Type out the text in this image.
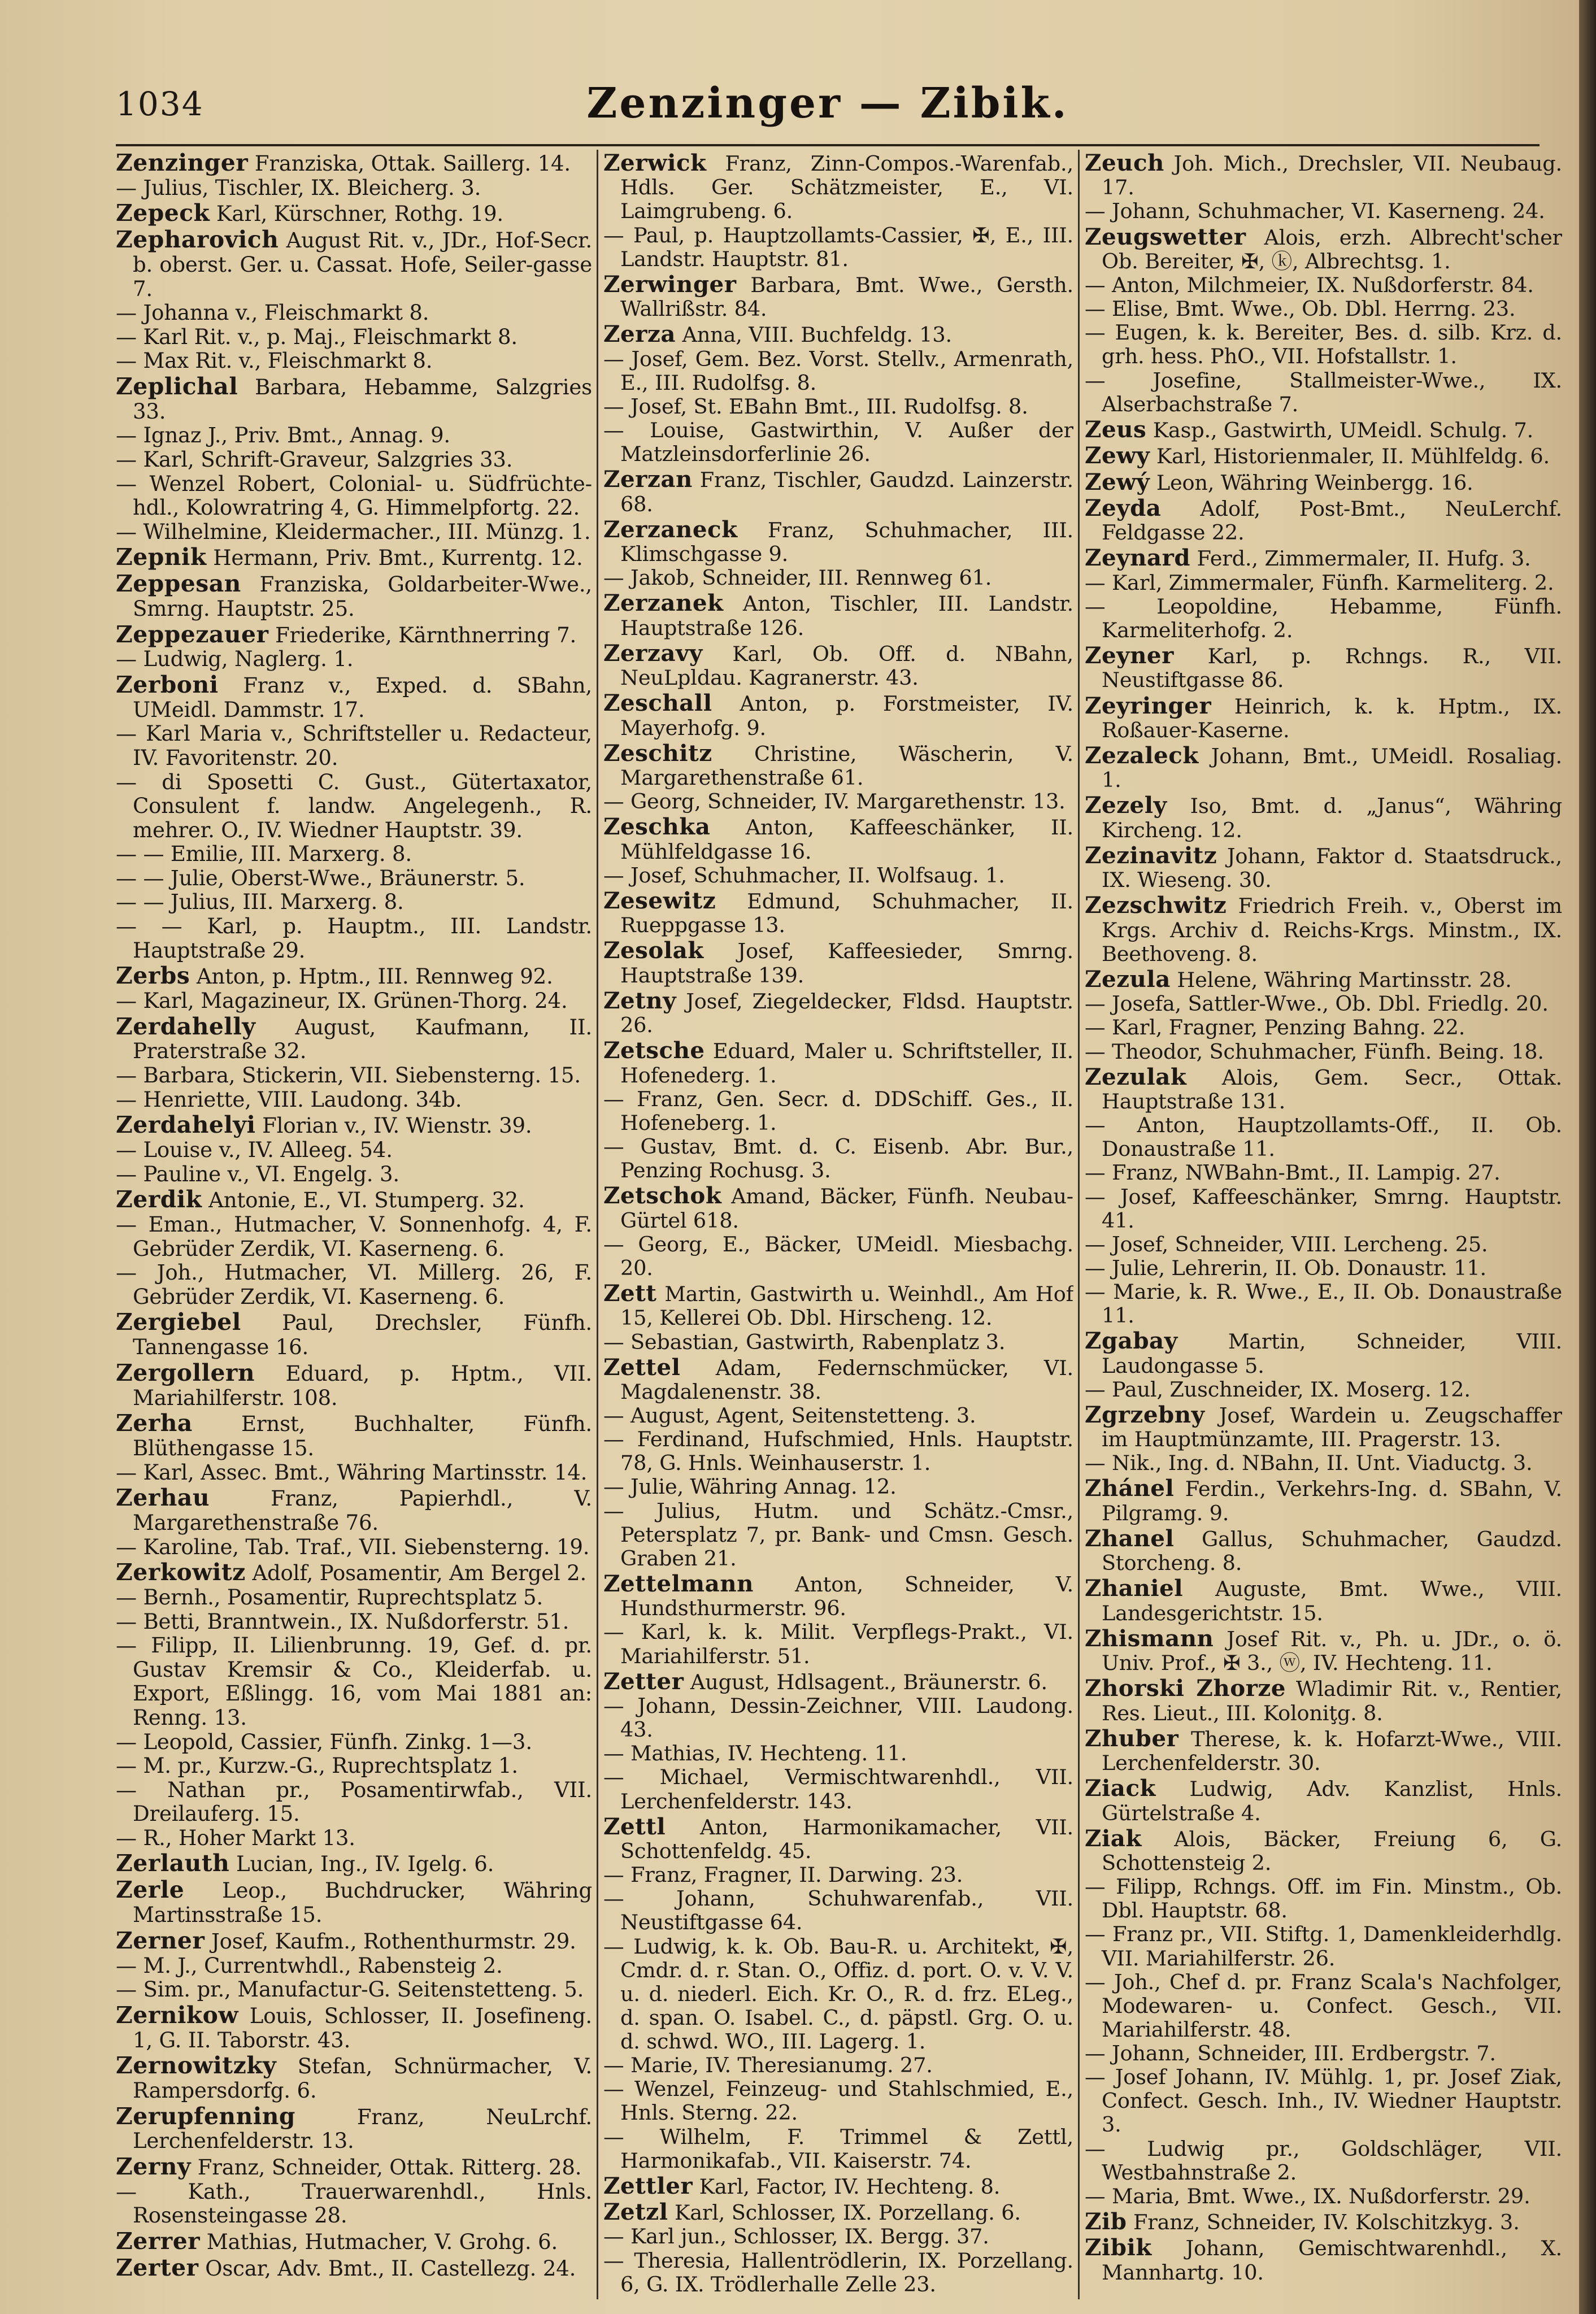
1034	Zenzinger — Zibik.

Zenzinger Franziska, Ottak. Saillerg. 14.

— Julius, Tischler, IX. Bleicherg. 3.

Zepeck Karl, Kürschner, Rothg. 19.

Zepharovich August Rit. v., JDr., Hof-Secr. b. oberst. Ger. u. Cassat. Hofe, Seiler-gasse 7.

— Johanna v., Fleischmarkt 8.

— Karl Rit. v., p. Maj., Fleischmarkt 8.

— Max Rit. v., Fleischmarkt 8.

Zeplichal Barbara, Hebamme, Salzgries 33.

— Ignaz J., Priv. Bmt., Annag. 9.

— Karl, Schrift-Graveur, Salzgries 33.

— Wenzel Robert, Colonial- u. Südfrüchte-hdl., Kolowratring 4, G. Himmelpfortg. 22.

— Wilhelmine, Kleidermacher., III. Münzg. 1.

Zepnik Hermann, Priv. Bmt., Kurrentg. 12.

Zeppesan Franziska, Goldarbeiter-Wwe., Smrng. Hauptstr. 25.

Zeppezauer Friederike, Kärnthnerring 7.

— Ludwig, Naglerg. 1.

Zerboni Franz v., Exped. d. SBahn, UMeidl. Dammstr. 17.

— Karl Maria v., Schriftsteller u. Redacteur, IV. Favoritenstr. 20.

— di Sposetti C. Gust., Gütertaxator, Consulent f. landw. Angelegenh., R. mehrer. O., IV. Wiedner Hauptstr. 39.

— — Emilie, III. Marxerg. 8.

— — Julie, Oberst-Wwe., Bräunerstr. 5.

— — Julius, III. Marxerg. 8.

— — Karl, p. Hauptm., III. Landstr. Hauptstraße 29.

Zerbs Anton, p. Hptm., III. Rennweg 92.

— Karl, Magazineur, IX. Grünen-Thorg. 24.

Zerdahelly August, Kaufmann, II. Praterstraße 32.

— Barbara, Stickerin, VII. Siebensterng. 15.

— Henriette, VIII. Laudong. 34b.

Zerdahelyi Florian v., IV. Wienstr. 39.

— Louise v., IV. Alleeg. 54.

— Pauline v., VI. Engelg. 3.

Zerdik Antonie, E., VI. Stumperg. 32.

— Eman., Hutmacher, V. Sonnenhofg. 4, F. Gebrüder Zerdik, VI. Kaserneng. 6.

— Joh., Hutmacher, VI. Millerg. 26, F. Gebrüder Zerdik, VI. Kaserneng. 6.

Zergiebel Paul, Drechsler, Fünfh. Tannengasse 16.

Zergollern Eduard, p. Hptm., VII. Mariahilferstr. 108.

Zerha Ernst, Buchhalter, Fünfh. Blüthengasse 15.

— Karl, Assec. Bmt., Währing Martinsstr. 14.

Zerhau	Franz, Papierhdl., V. Margarethenstraße 76.

— Karoline, Tab. Traf., VII. Siebensterng. 19.

Zerkowitz Adolf, Posamentir, Am Bergel 2.

— Bernh., Posamentir, Ruprechtsplatz 5.

— Betti, Branntwein., IX. Nußdorferstr. 51.

— Filipp, II. Lilienbrunng. 19, Gef. d. pr. Gustav Kremsir & Co., Kleiderfab. u. Export, Eßlingg. 16, vom Mai 1881 an: Renng. 13.

— Leopold, Cassier, Fünfh. Zinkg. 1—3.

— M. pr., Kurzw.-G., Ruprechtsplatz 1.

— Nathan pr., Posamentirwfab., VII. Dreilauferg. 15.

— R., Hoher Markt 13.

Zerlauth Lucian, Ing., IV. Igelg. 6.

Zerle Leop., Buchdrucker, Währing Martinsstraße 15.

Zerner Josef, Kaufm., Rothenthurmstr. 29.

— M. J., Currentwhdl., Rabensteig 2.

— Sim. pr., Manufactur-G. Seitenstetteng. 5.

Zernikow Louis, Schlosser, II. Josefineng. 1, G. II. Taborstr. 43.

Zernowitzky Stefan, Schnürmacher, V. Rampersdorfg. 6.

Zerupfenning	Franz, NeuLrchf. Lerchenfelderstr. 13.

Zerny Franz, Schneider, Ottak. Ritterg. 28.

— Kath., Trauerwarenhdl., Hnls. Rosensteingasse 28.

Zerrer Mathias, Hutmacher, V. Grohg. 6.

Zerter Oscar, Adv. Bmt., II. Castellezg. 24.

Zerwick Franz, Zinn-Compos.-Warenfab., Hdls. Ger. Schätzmeister, E., VI. Laimgrubeng. 6.

— Paul, p. Hauptzollamts-Cassier, ✠, E., III. Landstr. Hauptstr. 81.

Zerwinger Barbara, Bmt. Wwe., Gersth. Wallrißstr. 84.

Zerza Anna, VIII. Buchfeldg. 13.

— Josef, Gem. Bez. Vorst. Stellv., Armenrath, E., III. Rudolfsg. 8.

— Josef, St. EBahn Bmt., III. Rudolfsg. 8.

— Louise, Gastwirthin, V. Außer der Matzleinsdorferlinie 26.

Zerzan Franz, Tischler, Gaudzd. Lainzerstr. 68.

Zerzaneck Franz, Schuhmacher, III. Klimschgasse 9.

— Jakob, Schneider, III. Rennweg 61.

Zerzanek Anton, Tischler, III. Landstr. Hauptstraße 126.

Zerzavy Karl, Ob. Off. d. NBahn, NeuLpldau. Kagranerstr. 43.

Zeschall Anton, p. Forstmeister, IV. Mayerhofg. 9.

Zeschitz Christine, Wäscherin, V. Margarethenstraße 61.

— Georg, Schneider, IV. Margarethenstr. 13.

Zeschka Anton, Kaffeeschänker, II. Mühlfeldgasse 16.

— Josef, Schuhmacher, II. Wolfsaug. 1.

Zesewitz Edmund, Schuhmacher, II. Rueppgasse 13.

Zesolak Josef, Kaffeesieder, Smrng. Hauptstraße 139.

Zetny Josef, Ziegeldecker, Fldsd. Hauptstr. 26.

Zetsche Eduard, Maler u. Schriftsteller, II. Hofenederg. 1.

— Franz, Gen. Secr. d. DDSchiff. Ges., II. Hofeneberg. 1.

— Gustav, Bmt. d. C. Eisenb. Abr. Bur., Penzing Rochusg. 3.

Zetschok Amand, Bäcker, Fünfh. Neubau-Gürtel 618.

— Georg, E., Bäcker, UMeidl. Miesbachg. 20.

Zett Martin, Gastwirth u. Weinhdl., Am Hof 15, Kellerei Ob. Dbl. Hirscheng. 12.

— Sebastian, Gastwirth, Rabenplatz 3.

Zettel Adam, Federnschmücker, VI. Magdalenenstr. 38.

— August, Agent, Seitenstetteng. 3.

— Ferdinand, Hufschmied, Hnls. Hauptstr. 78, G. Hnls. Weinhauserstr. 1.

— Julie, Währing Annag. 12.

— Julius, Hutm. und Schätz.-Cmsr., Petersplatz 7, pr. Bank- und Cmsn. Gesch. Graben 21.

Zettelmann Anton, Schneider, V. Hundsthurmerstr. 96.

— Karl, k. k. Milit. Verpflegs-Prakt., VI. Mariahilferstr. 51.

Zetter August, Hdlsagent., Bräunerstr. 6.

— Johann, Dessin-Zeichner, VIII. Laudong. 43.

— Mathias, IV. Hechteng. 11.

— Michael, Vermischtwarenhdl., VII. Lerchenfelderstr. 143.

Zettl Anton, Harmonikamacher, VII. Schottenfeldg. 45.

— Franz, Fragner, II. Darwing. 23.

— Johann, Schuhwarenfab., VII. Neustiftgasse 64.

— Ludwig, k. k. Ob. Bau-R. u. Architekt, ✠, Cmdr. d. r. Stan. O., Offiz. d. port. O. v. V. V. u. d. niederl. Eich. Kr. O., R. d. frz. ELeg., d. span. O. Isabel. C., d. päpstl. Grg. O. u. d. schwd. WO., III. Lagerg. 1.

— Marie, IV. Theresianumg. 27.

— Wenzel, Feinzeug- und Stahlschmied, E., Hnls. Sterng. 22.

— Wilhelm, F. Trimmel & Zettl, Harmonikafab., VII. Kaiserstr. 74.

Zettler Karl, Factor, IV. Hechteng. 8.

Zetzl Karl, Schlosser, IX. Porzellang. 6.

— Karl jun., Schlosser, IX. Bergg. 37.

— Theresia, Hallentrödlerin, IX. Porzellang. 6, G. IX. Trödlerhalle Zelle 23.

Zeuch Joh. Mich., Drechsler, VII. Neubaug. 17.

— Johann, Schuhmacher, VI. Kaserneng. 24.

Zeugswetter Alois, erzh. Albrecht'scher Ob. Bereiter, ✠, ⓚ, Albrechtsg. 1.

— Anton, Milchmeier, IX. Nußdorferstr. 84.

— Elise, Bmt. Wwe., Ob. Dbl. Herrng. 23.

— Eugen, k. k. Bereiter, Bes. d. silb. Krz. d. grh. hess. PhO., VII. Hofstallstr. 1.

— Josefine, Stallmeister-Wwe., IX. Alserbachstraße 7.

Zeus Kasp., Gastwirth, UMeidl. Schulg. 7.

Zewy Karl, Historienmaler, II. Mühlfeldg. 6.

Zewý Leon, Währing Weinbergg. 16.

Zeyda Adolf, Post-Bmt., NeuLerchf. Feldgasse 22.

Zeynard Ferd., Zimmermaler, II. Hufg. 3.

— Karl, Zimmermaler, Fünfh. Karmeliterg. 2.

— Leopoldine, Hebamme, Fünfh. Karmeliterhofg. 2.

Zeyner Karl, p. Rchngs. R., VII. Neustiftgasse 86.

Zeyringer Heinrich, k. k. Hptm., IX. Roßauer-Kaserne.

Zezaleck Johann, Bmt., UMeidl. Rosaliag. 1.

Zezely Iso, Bmt. d. „Janus“, Währing Kircheng. 12.

Zezinavitz Johann, Faktor d. Staatsdruck., IX. Wieseng. 30.

Zezschwitz Friedrich Freih. v., Oberst im Krgs. Archiv d. Reichs-Krgs. Minstm., IX. Beethoveng. 8.

Zezula Helene, Währing Martinsstr. 28.

— Josefa, Sattler-Wwe., Ob. Dbl. Friedlg. 20.

— Karl, Fragner, Penzing Bahng. 22.

— Theodor, Schuhmacher, Fünfh. Being. 18.

Zezulak Alois, Gem. Secr., Ottak. Hauptstraße 131.

— Anton, Hauptzollamts-Off., II. Ob. Donaustraße 11.

— Franz, NWBahn-Bmt., II. Lampig. 27.

— Josef, Kaffeeschänker, Smrng. Hauptstr. 41.

— Josef, Schneider, VIII. Lercheng. 25.

— Julie, Lehrerin, II. Ob. Donaustr. 11.

— Marie, k. R. Wwe., E., II. Ob. Donaustraße 11.

Zgabay Martin, Schneider, VIII. Laudongasse 5.

— Paul, Zuschneider, IX. Moserg. 12.

Zgrzebny Josef, Wardein u. Zeugschaffer im Hauptmünzamte, III. Pragerstr. 13.

— Nik., Ing. d. NBahn, II. Unt. Viaductg. 3.

Zhánel Ferdin., Verkehrs-Ing. d. SBahn, V. Pilgramg. 9.

Zhanel Gallus, Schuhmacher, Gaudzd. Storcheng. 8.

Zhaniel Auguste, Bmt. Wwe., VIII. Landesgerichtstr. 15.

Zhismann Josef Rit. v., Ph. u. JDr., o. ö. Univ. Prof., ✠ 3., ⓦ, IV. Hechteng. 11.

Zhorski Zhorze Wladimir Rit. v., Rentier, Res. Lieut., III. Koloniţg. 8.

Zhuber Therese, k. k. Hofarzt-Wwe., VIII. Lerchenfelderstr. 30.

Ziack Ludwig, Adv. Kanzlist, Hnls. Gürtelstraße 4.

Ziak Alois, Bäcker, Freiung 6, G. Schottensteig 2.

— Filipp, Rchngs. Off. im Fin. Minstm., Ob. Dbl. Hauptstr. 68.

— Franz pr., VII. Stiftg. 1, Damenkleiderhdlg. VII. Mariahilferstr. 26.

— Joh., Chef d. pr. Franz Scala's Nachfolger, Modewaren- u. Confect. Gesch., VII. Mariahilferstr. 48.

— Johann, Schneider, III. Erdbergstr. 7.

— Josef Johann, IV. Mühlg. 1, pr. Josef Ziak, Confect. Gesch. Inh., IV. Wiedner Hauptstr. 3.

— Ludwig pr., Goldschläger, VII. Westbahnstraße 2.

— Maria, Bmt. Wwe., IX. Nußdorferstr. 29.

Zib Franz, Schneider, IV. Kolschitzkyg. 3.

Zibik Johann, Gemischtwarenhdl., X. Mannhartg. 10.
